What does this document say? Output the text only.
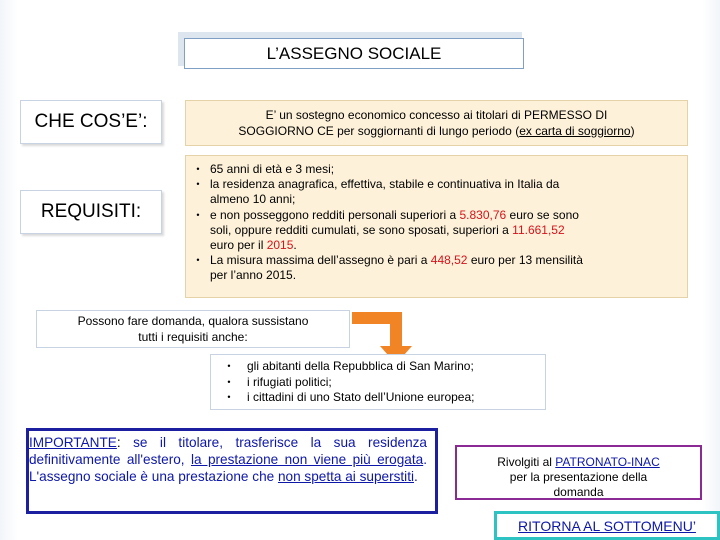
L’ASSEGNO SOCIALE
CHE COS’E’:
REQUISITI:
E’ un sostegno economico concesso ai titolari di PERMESSO DI
SOGGIORNO CE per soggiornanti di lungo periodo (ex carta di soggiorno)
• 65 anni di età e 3 mesi;
• la residenza anagrafica, effettiva, stabile e continuativa in Italia da
almeno 10 anni;
• e non posseggono redditi personali superiori a 5.830,76 euro se sono
soli, oppure redditi cumulati, se sono sposati, superiori a 11.661,52
euro per il 2015.
• La misura massima dell’assegno è pari a 448,52 euro per 13 mensilità
per l’anno 2015.
Possono fare domanda, qualora sussistano
tutti i requisiti anche:
•	gli abitanti della Repubblica di San Marino;
•	i rifugiati politici;
•	i cittadini di uno Stato dell’Unione europea;
IMPORTANTE: se il titolare, trasferisce la sua residenza definitivamente all'estero, la prestazione non viene più erogata. L'assegno sociale è una prestazione che non spetta ai superstiti.
Rivolgiti al PATRONATO-INAC
per la presentazione della
domanda
RITORNA AL SOTTOMENU’
